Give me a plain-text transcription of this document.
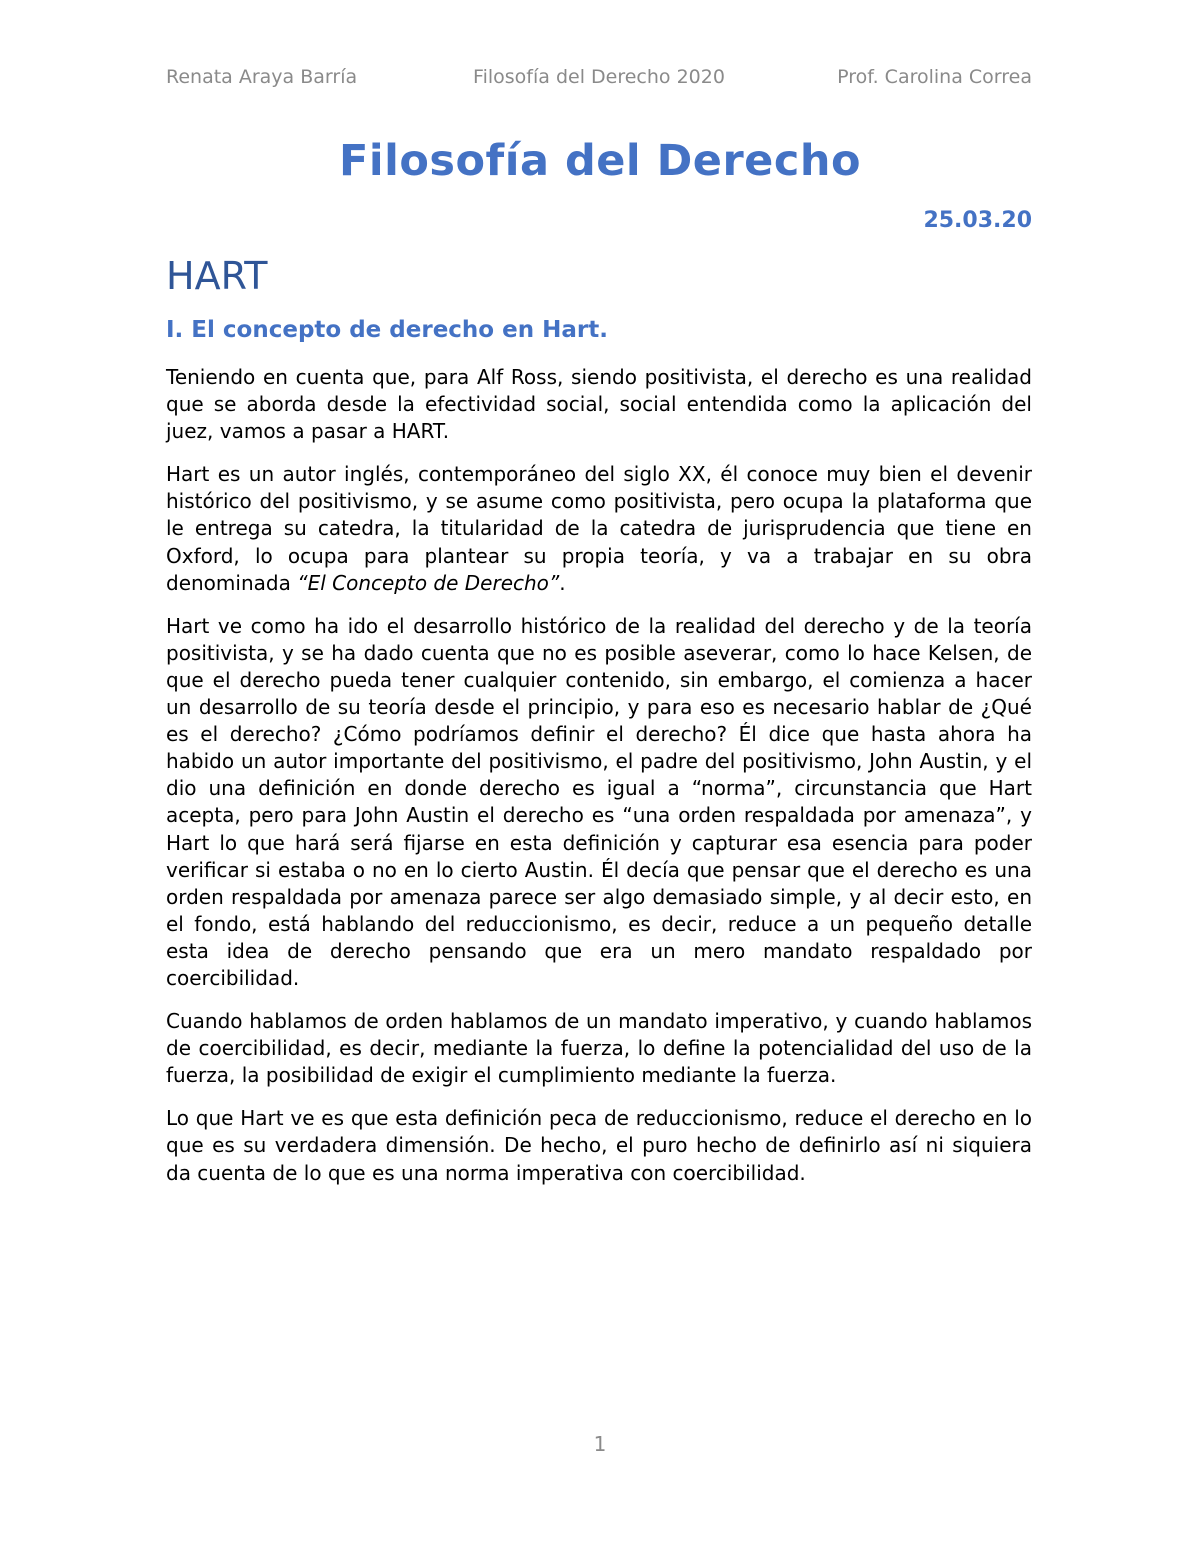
Renata Araya Barría	Filosofía del Derecho 2020	Prof. Carolina Correa
Filosofía del Derecho
25.03.20
HART
I. El concepto de derecho en Hart.

Teniendo en cuenta que, para Alf Ross, siendo positivista, el derecho es una realidad que se aborda desde la efectividad social, social entendida como la aplicación del juez, vamos a pasar a HART.

Hart es un autor inglés, contemporáneo del siglo XX, él conoce muy bien el devenir histórico del positivismo, y se asume como positivista, pero ocupa la plataforma que le entrega su catedra, la titularidad de la catedra de jurisprudencia que tiene en Oxford, lo ocupa para plantear su propia teoría, y va a trabajar en su obra denominada “El Concepto de Derecho”.

Hart ve como ha ido el desarrollo histórico de la realidad del derecho y de la teoría positivista, y se ha dado cuenta que no es posible aseverar, como lo hace Kelsen, de que el derecho pueda tener cualquier contenido, sin embargo, el comienza a hacer un desarrollo de su teoría desde el principio, y para eso es necesario hablar de ¿Qué es el derecho? ¿Cómo podríamos definir el derecho? Él dice que hasta ahora ha habido un autor importante del positivismo, el padre del positivismo, John Austin, y el dio una definición en donde derecho es igual a “norma”, circunstancia que Hart acepta, pero para John Austin el derecho es “una orden respaldada por amenaza”, y Hart lo que hará será fijarse en esta definición y capturar esa esencia para poder verificar si estaba o no en lo cierto Austin. Él decía que pensar que el derecho es una orden respaldada por amenaza parece ser algo demasiado simple, y al decir esto, en el fondo, está hablando del reduccionismo, es decir, reduce a un pequeño detalle esta idea de derecho pensando que era un mero mandato respaldado por coercibilidad.

Cuando hablamos de orden hablamos de un mandato imperativo, y cuando hablamos de coercibilidad, es decir, mediante la fuerza, lo define la potencialidad del uso de la fuerza, la posibilidad de exigir el cumplimiento mediante la fuerza.

Lo que Hart ve es que esta definición peca de reduccionismo, reduce el derecho en lo que es su verdadera dimensión. De hecho, el puro hecho de definirlo así ni siquiera da cuenta de lo que es una norma imperativa con coercibilidad.

1
